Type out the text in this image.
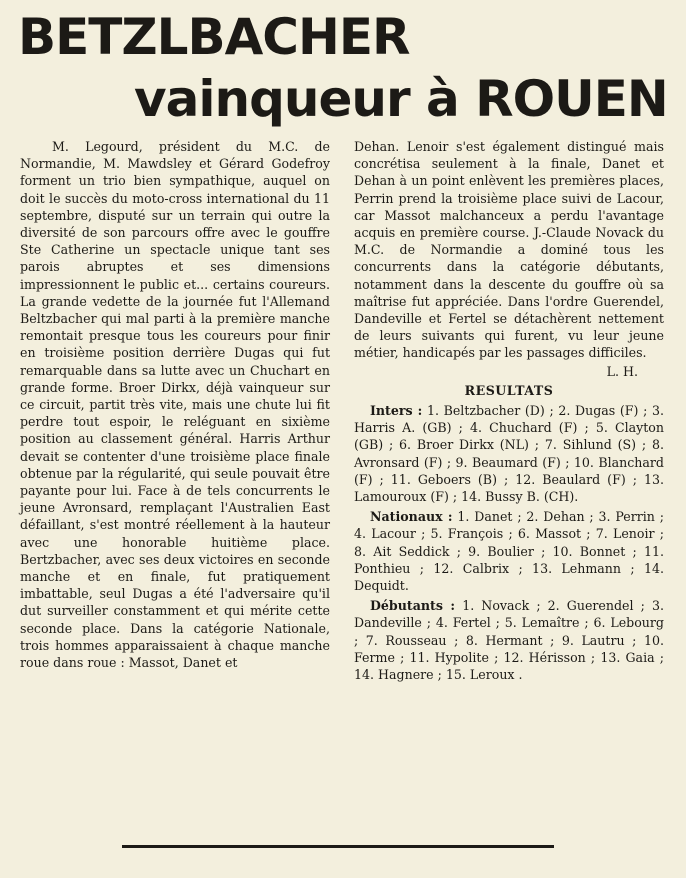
BETZLBACHER
vainqueur à ROUEN

M. Legourd, président du M.C. de Normandie, M. Mawdsley et Gérard Godefroy forment un trio bien sympathique, auquel on doit le succès du moto-cross international du 11 septembre, disputé sur un terrain qui outre la diversité de son parcours offre avec le gouffre Ste Catherine un spectacle unique tant ses parois abruptes et ses dimensions impressionnent le public et... certains coureurs. La grande vedette de la journée fut l'Allemand Beltzbacher qui mal parti à la première manche remontait presque tous les coureurs pour finir en troisième position derrière Dugas qui fut remarquable dans sa lutte avec un Chuchart en grande forme. Broer Dirkx, déjà vainqueur sur ce circuit, partit très vite, mais une chute lui fit perdre tout espoir, le reléguant en sixième position au classement général. Harris Arthur devait se contenter d'une troisième place finale obtenue par la régularité, qui seule pouvait être payante pour lui. Face à de tels concurrents le jeune Avronsard, remplaçant l'Australien East défaillant, s'est montré réellement à la hauteur avec une honorable huitième place. Bertzbacher, avec ses deux victoires en seconde manche et en finale, fut pratiquement imbattable, seul Dugas a été l'adversaire qu'il dut surveiller constamment et qui mérite cette seconde place. Dans la catégorie Nationale, trois hommes apparaissaient à chaque manche roue dans roue : Massot, Danet et

Dehan. Lenoir s'est également distingué mais concrétisa seulement à la finale, Danet et Dehan à un point enlèvent les premières places, Perrin prend la troisième place suivi de Lacour, car Massot malchanceux a perdu l'avantage acquis en première course. J.-Claude Novack du M.C. de Normandie a dominé tous les concurrents dans la catégorie débutants, notamment dans la descente du gouffre où sa maîtrise fut appréciée. Dans l'ordre Guerendel, Dandeville et Fertel se détachèrent nettement de leurs suivants qui furent, vu leur jeune métier, handicapés par les passages difficiles.

L. H.

RESULTATS

Inters : 1. Beltzbacher (D) ; 2. Dugas (F) ; 3. Harris A. (GB) ; 4. Chuchard (F) ; 5. Clayton (GB) ; 6. Broer Dirkx (NL) ; 7. Sihlund (S) ; 8. Avronsard (F) ; 9. Beaumard (F) ; 10. Blanchard (F) ; 11. Geboers (B) ; 12. Beaulard (F) ; 13. Lamouroux (F) ; 14. Bussy B. (CH).

Nationaux : 1. Danet ; 2. Dehan ; 3. Perrin ; 4. Lacour ; 5. François ; 6. Massot ; 7. Lenoir ; 8. Ait Seddick ; 9. Boulier ; 10. Bonnet ; 11. Ponthieu ; 12. Calbrix ; 13. Lehmann ; 14. Dequidt.

Débutants : 1. Novack ; 2. Guerendel ; 3. Dandeville ; 4. Fertel ; 5. Lemaître ; 6. Lebourg ; 7. Rousseau ; 8. Hermant ; 9. Lautru ; 10. Ferme ; 11. Hypolite ; 12. Hérisson ; 13. Gaia ; 14. Hagnere ; 15. Leroux .
